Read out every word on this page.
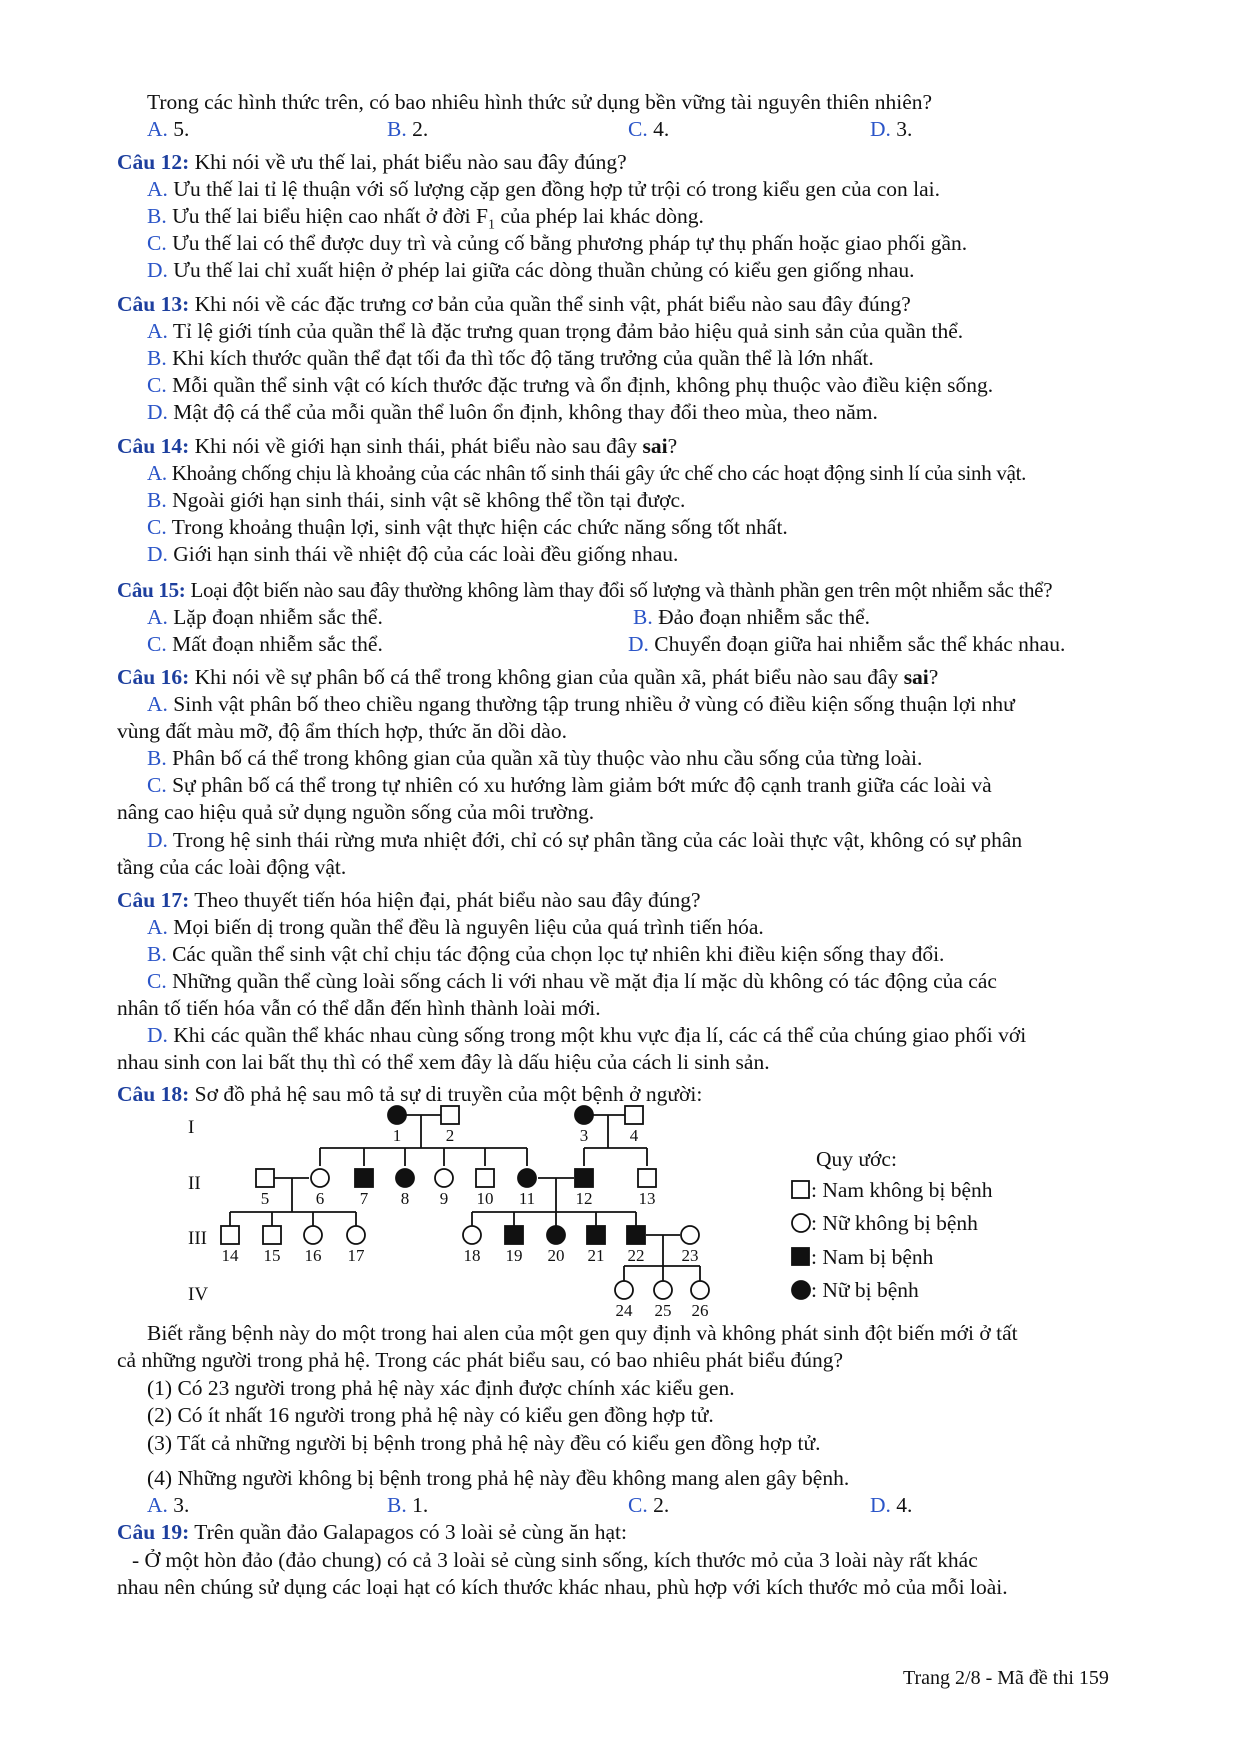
Trong các hình thức trên, có bao nhiêu hình thức sử dụng bền vững tài nguyên thiên nhiên?
A. 5.	B. 2.	C. 4.	D. 3.
Câu 12: Khi nói về ưu thế lai, phát biểu nào sau đây đúng?
A. Ưu thế lai tỉ lệ thuận với số lượng cặp gen đồng hợp tử trội có trong kiểu gen của con lai.
B. Ưu thế lai biểu hiện cao nhất ở đời $F_1$ của phép lai khác dòng.
C. Ưu thế lai có thể được duy trì và củng cố bằng phương pháp tự thụ phấn hoặc giao phối gần.
D. Ưu thế lai chỉ xuất hiện ở phép lai giữa các dòng thuần chủng có kiểu gen giống nhau.
Câu 13: Khi nói về các đặc trưng cơ bản của quần thể sinh vật, phát biểu nào sau đây đúng?
A. Tỉ lệ giới tính của quần thể là đặc trưng quan trọng đảm bảo hiệu quả sinh sản của quần thể.
B. Khi kích thước quần thể đạt tối đa thì tốc độ tăng trưởng của quần thể là lớn nhất.
C. Mỗi quần thể sinh vật có kích thước đặc trưng và ổn định, không phụ thuộc vào điều kiện sống.
D. Mật độ cá thể của mỗi quần thể luôn ổn định, không thay đổi theo mùa, theo năm.
Câu 14: Khi nói về giới hạn sinh thái, phát biểu nào sau đây sai?
A. Khoảng chống chịu là khoảng của các nhân tố sinh thái gây ức chế cho các hoạt động sinh lí của sinh vật.
B. Ngoài giới hạn sinh thái, sinh vật sẽ không thể tồn tại được.
C. Trong khoảng thuận lợi, sinh vật thực hiện các chức năng sống tốt nhất.
D. Giới hạn sinh thái về nhiệt độ của các loài đều giống nhau.
Câu 15: Loại đột biến nào sau đây thường không làm thay đổi số lượng và thành phần gen trên một nhiễm sắc thể?
A. Lặp đoạn nhiễm sắc thể.	B. Đảo đoạn nhiễm sắc thể.
C. Mất đoạn nhiễm sắc thể.	D. Chuyển đoạn giữa hai nhiễm sắc thể khác nhau.
Câu 16: Khi nói về sự phân bố cá thể trong không gian của quần xã, phát biểu nào sau đây sai?
A. Sinh vật phân bố theo chiều ngang thường tập trung nhiều ở vùng có điều kiện sống thuận lợi như
vùng đất màu mỡ, độ ẩm thích hợp, thức ăn dồi dào.
B. Phân bố cá thể trong không gian của quần xã tùy thuộc vào nhu cầu sống của từng loài.
C. Sự phân bố cá thể trong tự nhiên có xu hướng làm giảm bớt mức độ cạnh tranh giữa các loài và
nâng cao hiệu quả sử dụng nguồn sống của môi trường.
D. Trong hệ sinh thái rừng mưa nhiệt đới, chỉ có sự phân tầng của các loài thực vật, không có sự phân
tầng của các loài động vật.
Câu 17: Theo thuyết tiến hóa hiện đại, phát biểu nào sau đây đúng?
A. Mọi biến dị trong quần thể đều là nguyên liệu của quá trình tiến hóa.
B. Các quần thể sinh vật chỉ chịu tác động của chọn lọc tự nhiên khi điều kiện sống thay đổi.
C. Những quần thể cùng loài sống cách li với nhau về mặt địa lí mặc dù không có tác động của các
nhân tố tiến hóa vẫn có thể dẫn đến hình thành loài mới.
D. Khi các quần thể khác nhau cùng sống trong một khu vực địa lí, các cá thể của chúng giao phối với
nhau sinh con lai bất thụ thì có thể xem đây là dấu hiệu của cách li sinh sản.
Câu 18: Sơ đồ phả hệ sau mô tả sự di truyền của một bệnh ở người:
1	2	3 4
5	6 7 8 9 10 11 12	13
14 15 16 17	18 19 20 21 22 23
24 25 26
I
II
III
IV
Quy ước:
: Nam không bị bệnh
: Nữ không bị bệnh
: Nam bị bệnh
: Nữ bị bệnh
Biết rằng bệnh này do một trong hai alen của một gen quy định và không phát sinh đột biến mới ở tất
cả những người trong phả hệ. Trong các phát biểu sau, có bao nhiêu phát biểu đúng?
(1) Có 23 người trong phả hệ này xác định được chính xác kiểu gen.
(2) Có ít nhất 16 người trong phả hệ này có kiểu gen đồng hợp tử.
(3) Tất cả những người bị bệnh trong phả hệ này đều có kiểu gen đồng hợp tử.
(4) Những người không bị bệnh trong phả hệ này đều không mang alen gây bệnh.
A. 3.	B. 1.	C. 2.	D. 4.
Câu 19: Trên quần đảo Galapagos có 3 loài sẻ cùng ăn hạt:
- Ở một hòn đảo (đảo chung) có cả 3 loài sẻ cùng sinh sống, kích thước mỏ của 3 loài này rất khác
nhau nên chúng sử dụng các loại hạt có kích thước khác nhau, phù hợp với kích thước mỏ của mỗi loài.
Trang 2/8 - Mã đề thi 159
